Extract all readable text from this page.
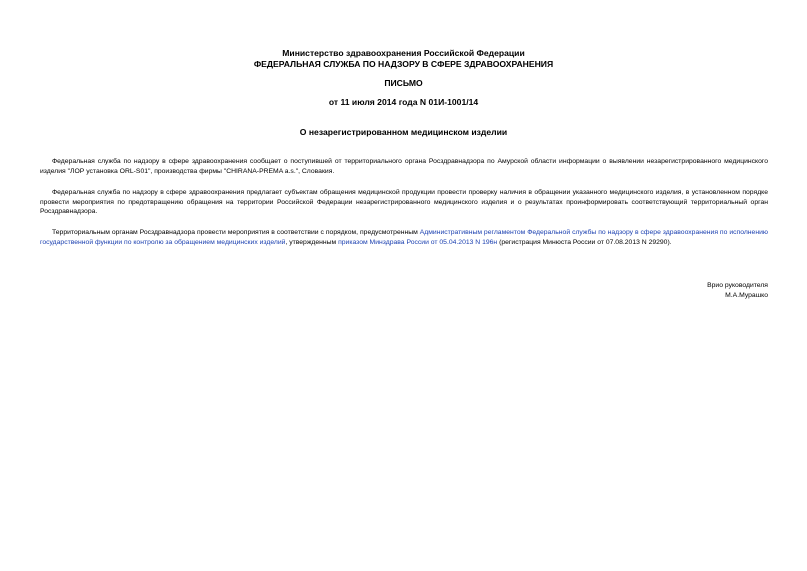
Министерство здравоохранения Российской Федерации
ФЕДЕРАЛЬНАЯ СЛУЖБА ПО НАДЗОРУ В СФЕРЕ ЗДРАВООХРАНЕНИЯ
ПИСЬМО
от 11 июля 2014 года N 01И-1001/14
О незарегистрированном медицинском изделии

Федеральная служба по надзору в сфере здравоохранения сообщает о поступившей от территориального органа Росздравнадзора по Амурской области информации о выявлении незарегистрированного медицинского изделия "ЛОР установка ORL-S01", производства фирмы "CHIRANA-PREMA a.s.", Словакия.

Федеральная служба по надзору в сфере здравоохранения предлагает субъектам обращения медицинской продукции провести проверку наличия в обращении указанного медицинского изделия, в установленном порядке провести мероприятия по предотвращению обращения на территории Российской Федерации незарегистрированного медицинского изделия и о результатах проинформировать соответствующий территориальный орган Росздравнадзора.

Территориальным органам Росздравнадзора провести мероприятия в соответствии с порядком, предусмотренным Административным регламентом Федеральной службы по надзору в сфере здравоохранения по исполнению государственной функции по контролю за обращением медицинских изделий, утвержденным приказом Минздрава России от 05.04.2013 N 196н (регистрация Минюста России от 07.08.2013 N 29290).

Врио руководителя
М.А.Мурашко
